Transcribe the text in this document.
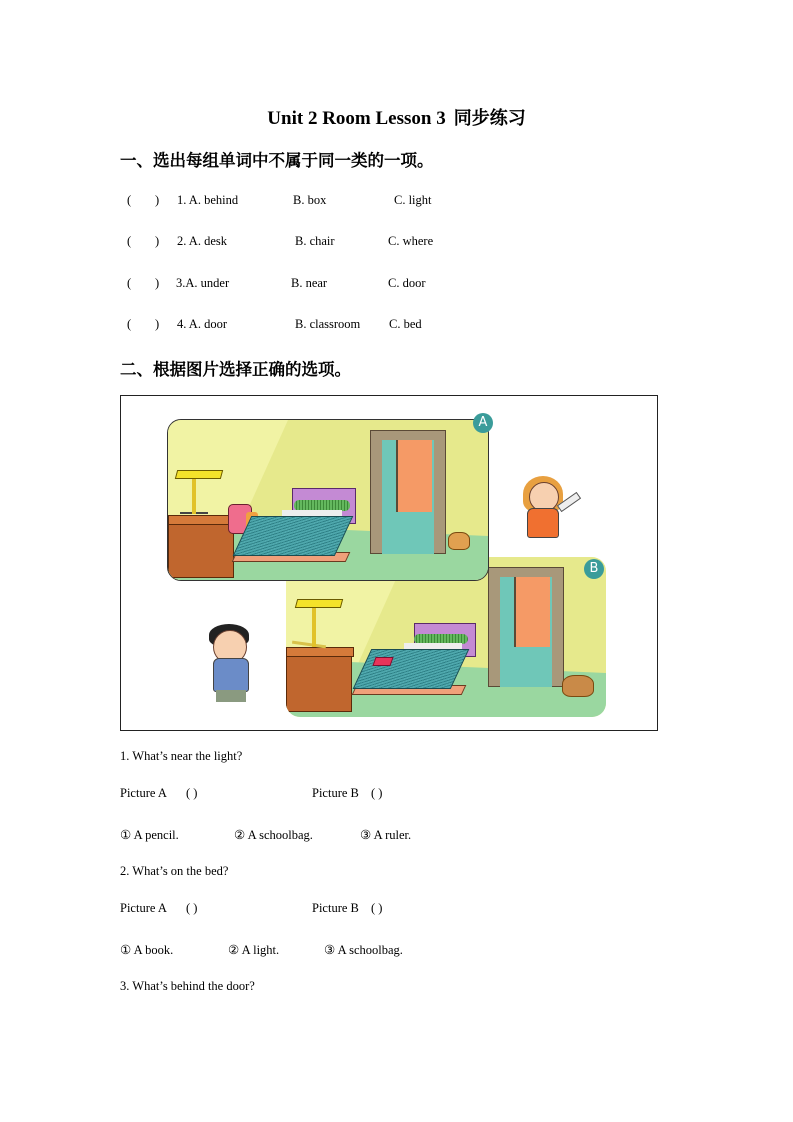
Unit 2 Room Lesson 3 同步练习
一、选出每组单词中不属于同一类的一项。
( ) 1. A. behind	B. box	C. light
( ) 2. A. desk	B. chair	C. where
( ) 3.A. under	B. near	C. door
( ) 4. A. door	B. classroom C. bed
二、根据图片选择正确的选项。
B
A
1. What’s near the light?
Picture A ( )	Picture B ( )
① A pencil.	② A schoolbag.	③ A ruler.
2. What’s on the bed?
Picture A ( )	Picture B ( )
① A book.	② A light.	③ A schoolbag.
3. What’s behind the door?
